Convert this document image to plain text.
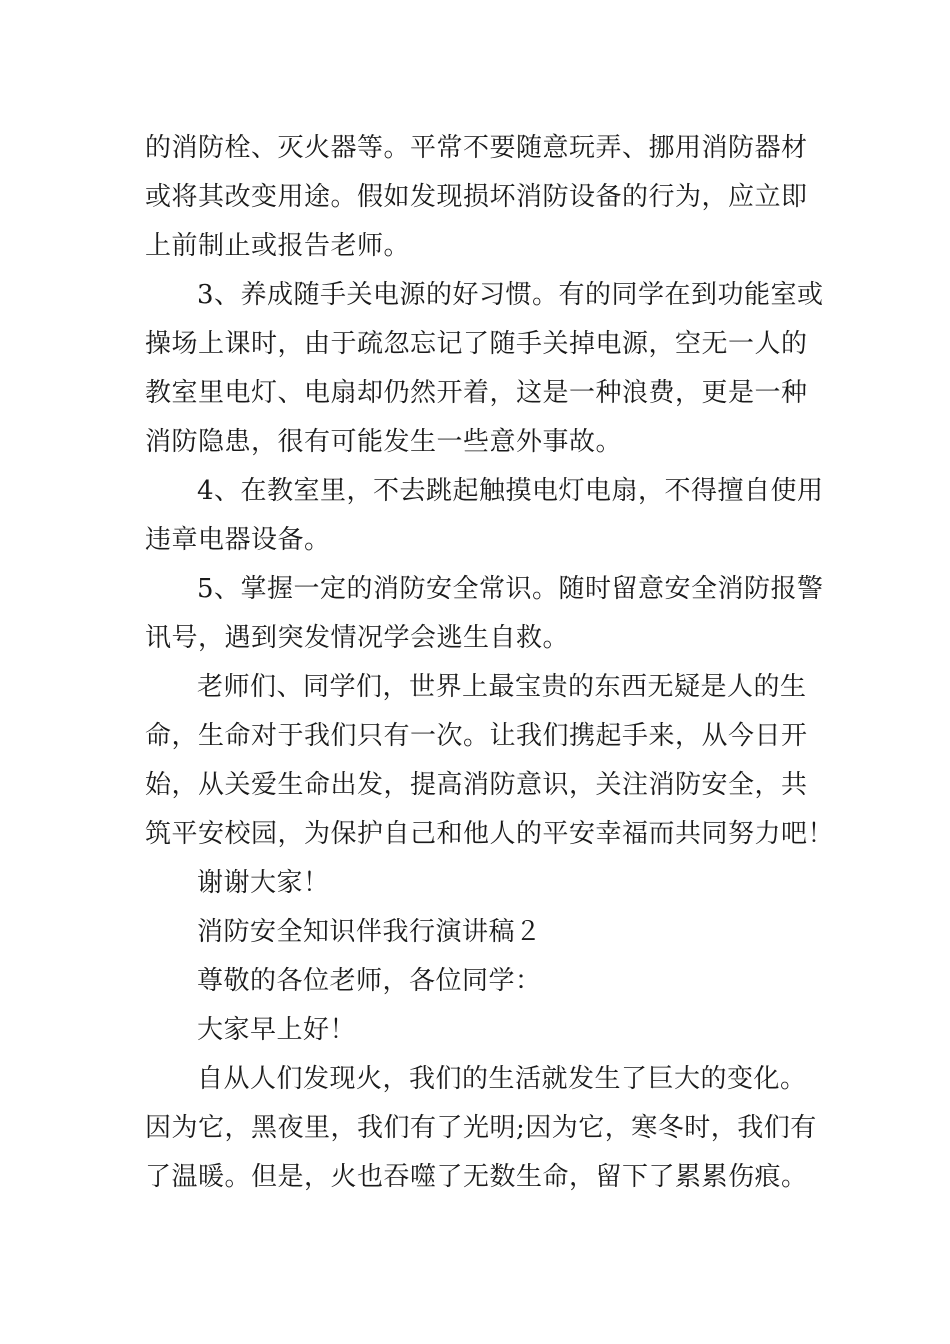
的消防栓、灭火器等。平常不要随意玩弄、挪用消防器材
或将其改变用途。假如发现损坏消防设备的行为，应立即
上前制止或报告老师。
3、养成随手关电源的好习惯。有的同学在到功能室或
操场上课时，由于疏忽忘记了随手关掉电源，空无一人的
教室里电灯、电扇却仍然开着，这是一种浪费，更是一种
消防隐患，很有可能发生一些意外事故。
4、在教室里，不去跳起触摸电灯电扇，不得擅自使用
违章电器设备。
5、掌握一定的消防安全常识。随时留意安全消防报警
讯号，遇到突发情况学会逃生自救。
老师们、同学们，世界上最宝贵的东西无疑是人的生
命，生命对于我们只有一次。让我们携起手来，从今日开
始，从关爱生命出发，提高消防意识，关注消防安全，共
筑平安校园，为保护自己和他人的平安幸福而共同努力吧！
谢谢大家！
消防安全知识伴我行演讲稿２
尊敬的各位老师，各位同学：
大家早上好！
自从人们发现火，我们的生活就发生了巨大的变化。
因为它，黑夜里，我们有了光明;因为它，寒冬时，我们有
了温暖。但是，火也吞噬了无数生命，留下了累累伤痕。
